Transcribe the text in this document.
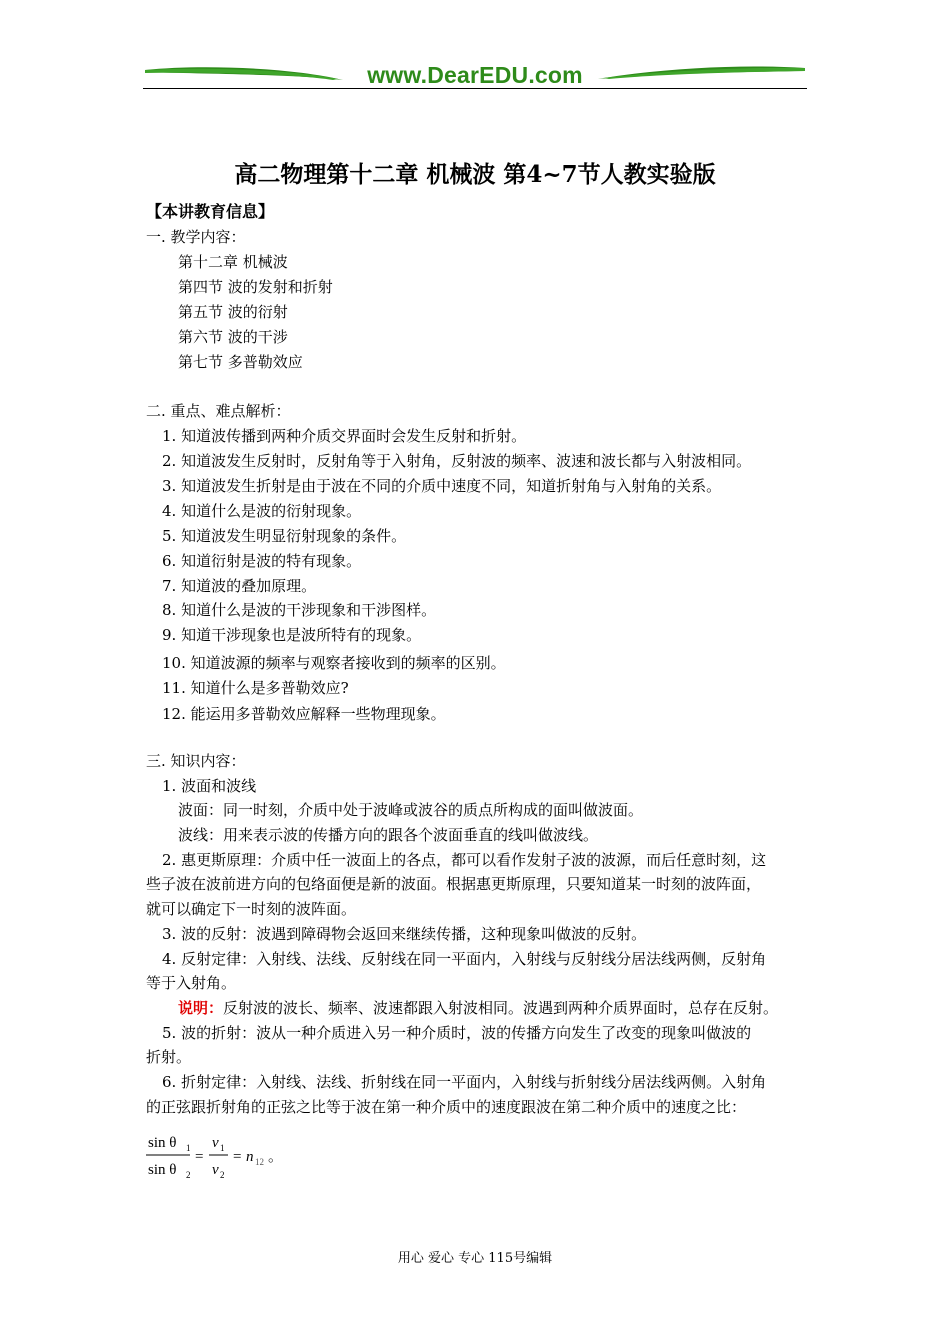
www.DearEDU.com
高二物理第十二章 机械波 第4~7节人教实验版
【本讲教育信息】
一. 教学内容：
第十二章 机械波
第四节 波的发射和折射
第五节 波的衍射
第六节 波的干涉
第七节 多普勒效应
二. 重点、难点解析：
1. 知道波传播到两种介质交界面时会发生反射和折射。
2. 知道波发生反射时，反射角等于入射角，反射波的频率、波速和波长都与入射波相同。
3. 知道波发生折射是由于波在不同的介质中速度不同，知道折射角与入射角的关系。
4. 知道什么是波的衍射现象。
5. 知道波发生明显衍射现象的条件。
6. 知道衍射是波的特有现象。
7. 知道波的叠加原理。
8. 知道什么是波的干涉现象和干涉图样。
9. 知道干涉现象也是波所特有的现象。
10. 知道波源的频率与观察者接收到的频率的区别。
11. 知道什么是多普勒效应?
12. 能运用多普勒效应解释一些物理现象。
三. 知识内容：
1. 波面和波线
波面：同一时刻，介质中处于波峰或波谷的质点所构成的面叫做波面。
波线：用来表示波的传播方向的跟各个波面垂直的线叫做波线。
2. 惠更斯原理：介质中任一波面上的各点，都可以看作发射子波的波源，而后任意时刻，这
些子波在波前进方向的包络面便是新的波面。根据惠更斯原理，只要知道某一时刻的波阵面，
就可以确定下一时刻的波阵面。
3. 波的反射：波遇到障碍物会返回来继续传播，这种现象叫做波的反射。
4. 反射定律：入射线、法线、反射线在同一平面内，入射线与反射线分居法线两侧，反射角
等于入射角。
说明：反射波的波长、频率、波速都跟入射波相同。波遇到两种介质界面时，总存在反射。
5. 波的折射：波从一种介质进入另一种介质时，波的传播方向发生了改变的现象叫做波的
折射。
6. 折射定律：入射线、法线、折射线在同一平面内，入射线与折射线分居法线两侧。入射角
的正弦跟折射角的正弦之比等于波在第一种介质中的速度跟波在第二种介质中的速度之比：
sin θ 1
sin θ 2
=
v 1
v 2
= n 12 。
用心 爱心 专心 115号编辑
